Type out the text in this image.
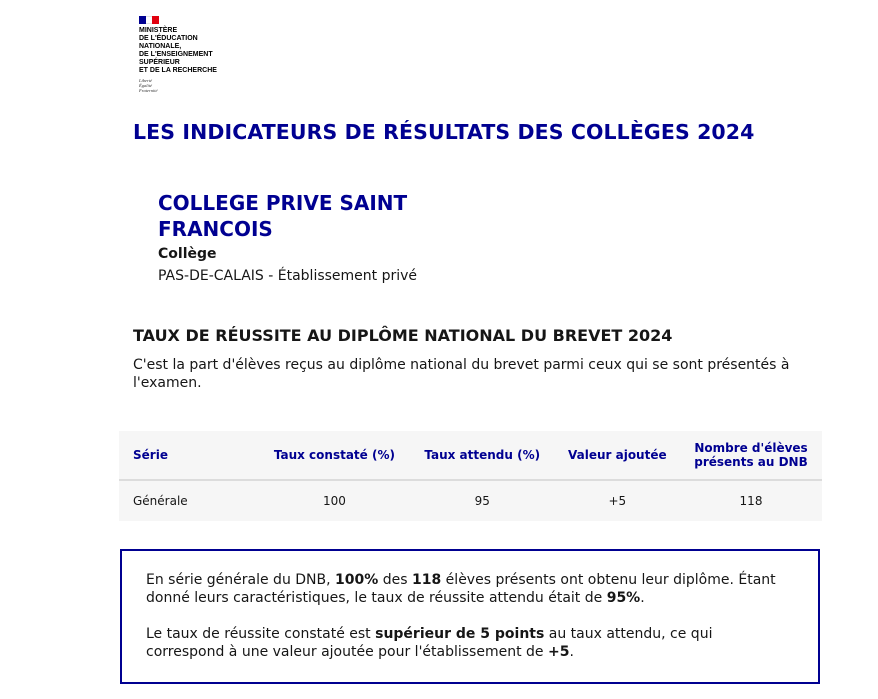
MINISTÈRE
DE L'ÉDUCATION
NATIONALE,
DE L'ENSEIGNEMENT
SUPÉRIEUR
ET DE LA RECHERCHE
Liberté
Égalité
Fraternité
LES INDICATEURS DE RÉSULTATS DES COLLÈGES 2024
COLLEGE PRIVE SAINT FRANCOIS
Collège
PAS-DE-CALAIS - Établissement privé
TAUX DE RÉUSSITE AU DIPLÔME NATIONAL DU BREVET 2024

C'est la part d'élèves reçus au diplôme national du brevet parmi ceux qui se sont présentés à l'examen.

Série	Taux constaté (%)	Taux attendu (%)	Valeur ajoutée	Nombre d'élèves présents au DNB
Générale	100	95	+5	118

En série générale du DNB, 100% des 118 élèves présents ont obtenu leur diplôme. Étant donné leurs caractéristiques, le taux de réussite attendu était de 95%.

Le taux de réussite constaté est supérieur de 5 points au taux attendu, ce qui correspond à une valeur ajoutée pour l'établissement de +5.
